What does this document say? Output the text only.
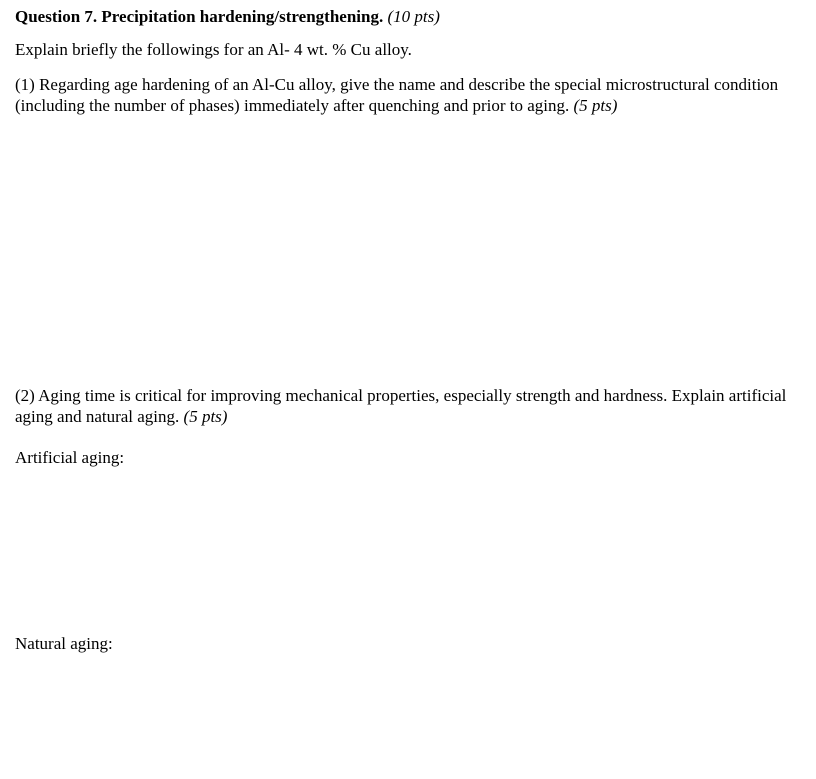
Question 7. Precipitation hardening/strengthening. (10 pts)
Explain briefly the followings for an Al- 4 wt. % Cu alloy.
(1) Regarding age hardening of an Al-Cu alloy, give the name and describe the special microstructural condition (including the number of phases) immediately after quenching and prior to aging. (5 pts)
(2) Aging time is critical for improving mechanical properties, especially strength and hardness. Explain artificial aging and natural aging. (5 pts)
Artificial aging:
Natural aging:
